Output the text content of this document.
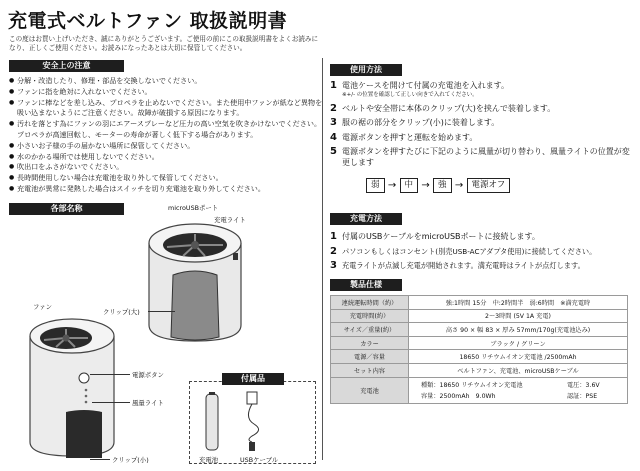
充電式ベルトファン 取扱説明書
この度はお買い上げいただき、誠にありがとうございます。ご使用の前にこの取扱説明書をよくお読みになり、正しくご使用ください。お読みになったあとは大切に保管してください。
安全上の注意
● 分解・改造したり、修理・部品を交換しないでください。
● ファンに指を絶対に入れないでください。
● ファンに棒などを差し込み、プロペラを止めないでください。また使用中ファンが紙など異物を吸い込まないようにご注意ください。故障が破損する原因になります。
● 汚れを落とす為にファンの羽にエアースプレーなど圧力の高い空気を吹きかけないでください。プロペラが高速回転し、モーターの寿命が著しく低下する場合があります。
● 小さいお子様の手の届かない場所に保管してください。
● 水のかかる場所では使用しないでください。
● 吹出口をふさがないでください。
● 長時間使用しない場合は充電池を取り外して保管してください。
● 充電池が異常に発熱した場合はスイッチを切り充電池を取り外してください。
各部名称	microUSBポート
充電ライト
クリップ(大)
ファン
電源ボタン
風量ライト
クリップ(小)
付属品
充電池	USBケーブル
使用方法
1 電池ケースを開けて付属の充電池を入れます。
※+/- の位置を確認して正しい向きで入れてください。
2 ベルトや安全帯に本体のクリップ(大)を挟んで装着します。
3 服の裾の部分をクリップ(小)に装着します。
4 電源ボタンを押すと運転を始めます。
5 電源ボタンを押すたびに下記のように風量が切り替わり、風量ライトの位置が変更します
弱 → 中 → 強 → 電源オフ
充電方法
1 付属のUSBケーブルをmicroUSBポートに接続します。
2 パソコンもしくはコンセント(別売USB-ACアダプタ使用)に接続してください。
3 充電ライトが点滅し充電が開始されます。満充電時はライトが点灯します。
製品仕様
連続運転時間（約）	強:1時間 15分　中:2時間半　弱:6時間　※満充電時
充電時間(約）	2～3時間 (5V 1A 充電)
サイズ／重量(約）	高さ 90 × 幅 83 × 厚み 57mm/170g(充電池込み)
カラー	ブラック / グリーン
電源／容量	18650 リチウムイオン充電池 /2500mAh
セット内容	ベルトファン、充電池、microUSBケーブル
充電池	種類：18650 リチウムイオン充電池 電圧：3.6V
容量：2500mAh　9.0Wh 認証：PSE
